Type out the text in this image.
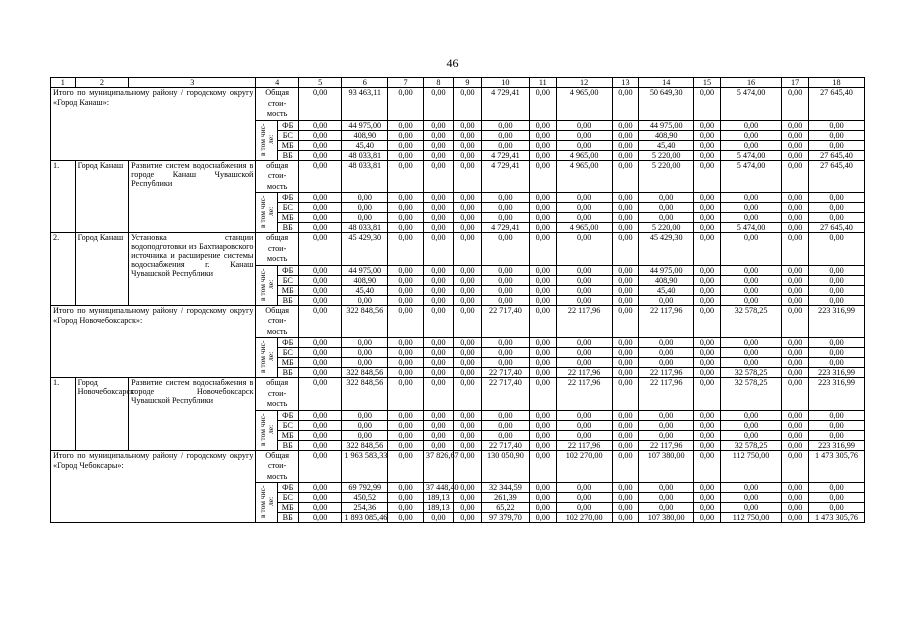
46
1	2	3	4		5	6	7	8	9	10	11	12	13	14	15	16	17	18
Итого по муниципальному району / городскому округу «Город Канаш»:			Общая стои-мость		0,00	93 463,11	0,00	0,00	0,00	4 729,41	0,00	4 965,00	0,00	50 649,30	0,00	5 474,00	0,00	27 645,40
			в том чис-ле:	ФБ	0,00	44 975,00	0,00	0,00	0,00	0,00	0,00	0,00	0,00	44 975,00	0,00	0,00	0,00	0,00
				БС	0,00	408,90	0,00	0,00	0,00	0,00	0,00	0,00	0,00	408,90	0,00	0,00	0,00	0,00
				МБ	0,00	45,40	0,00	0,00	0,00	0,00	0,00	0,00	0,00	45,40	0,00	0,00	0,00	0,00
				ВБ	0,00	48 033,81	0,00	0,00	0,00	4 729,41	0,00	4 965,00	0,00	5 220,00	0,00	5 474,00	0,00	27 645,40
1.	Город Канаш	Развитие систем водоснабжения в городе Канаш Чувашской Республики	общая стои-мость		0,00	48 033,81	0,00	0,00	0,00	4 729,41	0,00	4 965,00	0,00	5 220,00	0,00	5 474,00	0,00	27 645,40
			в том чис-ле:	ФБ	0,00	0,00	0,00	0,00	0,00	0,00	0,00	0,00	0,00	0,00	0,00	0,00	0,00	0,00
				БС	0,00	0,00	0,00	0,00	0,00	0,00	0,00	0,00	0,00	0,00	0,00	0,00	0,00	0,00
				МБ	0,00	0,00	0,00	0,00	0,00	0,00	0,00	0,00	0,00	0,00	0,00	0,00	0,00	0,00
				ВБ	0,00	48 033,81	0,00	0,00	0,00	4 729,41	0,00	4 965,00	0,00	5 220,00	0,00	5 474,00	0,00	27 645,40
2.	Город Канаш	Установка станции водоподготовки из Бахтиаровского источника и расширение системы водоснабжения г. Канаш Чувашской Республики	общая стои-мость		0,00	45 429,30	0,00	0,00	0,00	0,00	0,00	0,00	0,00	45 429,30	0,00	0,00	0,00	0,00
			в том чис-ле:	ФБ	0,00	44 975,00	0,00	0,00	0,00	0,00	0,00	0,00	0,00	44 975,00	0,00	0,00	0,00	0,00
				БС	0,00	408,90	0,00	0,00	0,00	0,00	0,00	0,00	0,00	408,90	0,00	0,00	0,00	0,00
				МБ	0,00	45,40	0,00	0,00	0,00	0,00	0,00	0,00	0,00	45,40	0,00	0,00	0,00	0,00
				ВБ	0,00	0,00	0,00	0,00	0,00	0,00	0,00	0,00	0,00	0,00	0,00	0,00	0,00	0,00
Итого по муниципальному району / городскому округу «Город Новочебоксарск»:			Общая стои-мость		0,00	322 848,56	0,00	0,00	0,00	22 717,40	0,00	22 117,96	0,00	22 117,96	0,00	32 578,25	0,00	223 316,99
			в том чис-ле:	ФБ	0,00	0,00	0,00	0,00	0,00	0,00	0,00	0,00	0,00	0,00	0,00	0,00	0,00	0,00
				БС	0,00	0,00	0,00	0,00	0,00	0,00	0,00	0,00	0,00	0,00	0,00	0,00	0,00	0,00
				МБ	0,00	0,00	0,00	0,00	0,00	0,00	0,00	0,00	0,00	0,00	0,00	0,00	0,00	0,00
				ВБ	0,00	322 848,56	0,00	0,00	0,00	22 717,40	0,00	22 117,96	0,00	22 117,96	0,00	32 578,25	0,00	223 316,99
1.	Город Новочебоксарск	Развитие систем водоснабжения в городе Новочебоксарск Чувашской Республики	общая стои-мость		0,00	322 848,56	0,00	0,00	0,00	22 717,40	0,00	22 117,96	0,00	22 117,96	0,00	32 578,25	0,00	223 316,99
			в том чис-ле:	ФБ	0,00	0,00	0,00	0,00	0,00	0,00	0,00	0,00	0,00	0,00	0,00	0,00	0,00	0,00
				БС	0,00	0,00	0,00	0,00	0,00	0,00	0,00	0,00	0,00	0,00	0,00	0,00	0,00	0,00
				МБ	0,00	0,00	0,00	0,00	0,00	0,00	0,00	0,00	0,00	0,00	0,00	0,00	0,00	0,00
				ВБ	0,00	322 848,56	0,00	0,00	0,00	22 717,40	0,00	22 117,96	0,00	22 117,96	0,00	32 578,25	0,00	223 316,99
Итого по муниципальному району / городскому округу «Город Чебоксары»:			Общая стои-мость		0,00	1 963 583,33	0,00	37 826,67	0,00	130 050,90	0,00	102 270,00	0,00	107 380,00	0,00	112 750,00	0,00	1 473 305,76
			в том чис-ле:	ФБ	0,00	69 792,99	0,00	37 448,40	0,00	32 344,59	0,00	0,00	0,00	0,00	0,00	0,00	0,00	0,00
				БС	0,00	450,52	0,00	189,13	0,00	261,39	0,00	0,00	0,00	0,00	0,00	0,00	0,00	0,00
				МБ	0,00	254,36	0,00	189,13	0,00	65,22	0,00	0,00	0,00	0,00	0,00	0,00	0,00	0,00
				ВБ	0,00	1 893 085,46	0,00	0,00	0,00	97 379,70	0,00	102 270,00	0,00	107 380,00	0,00	112 750,00	0,00	1 473 305,76
